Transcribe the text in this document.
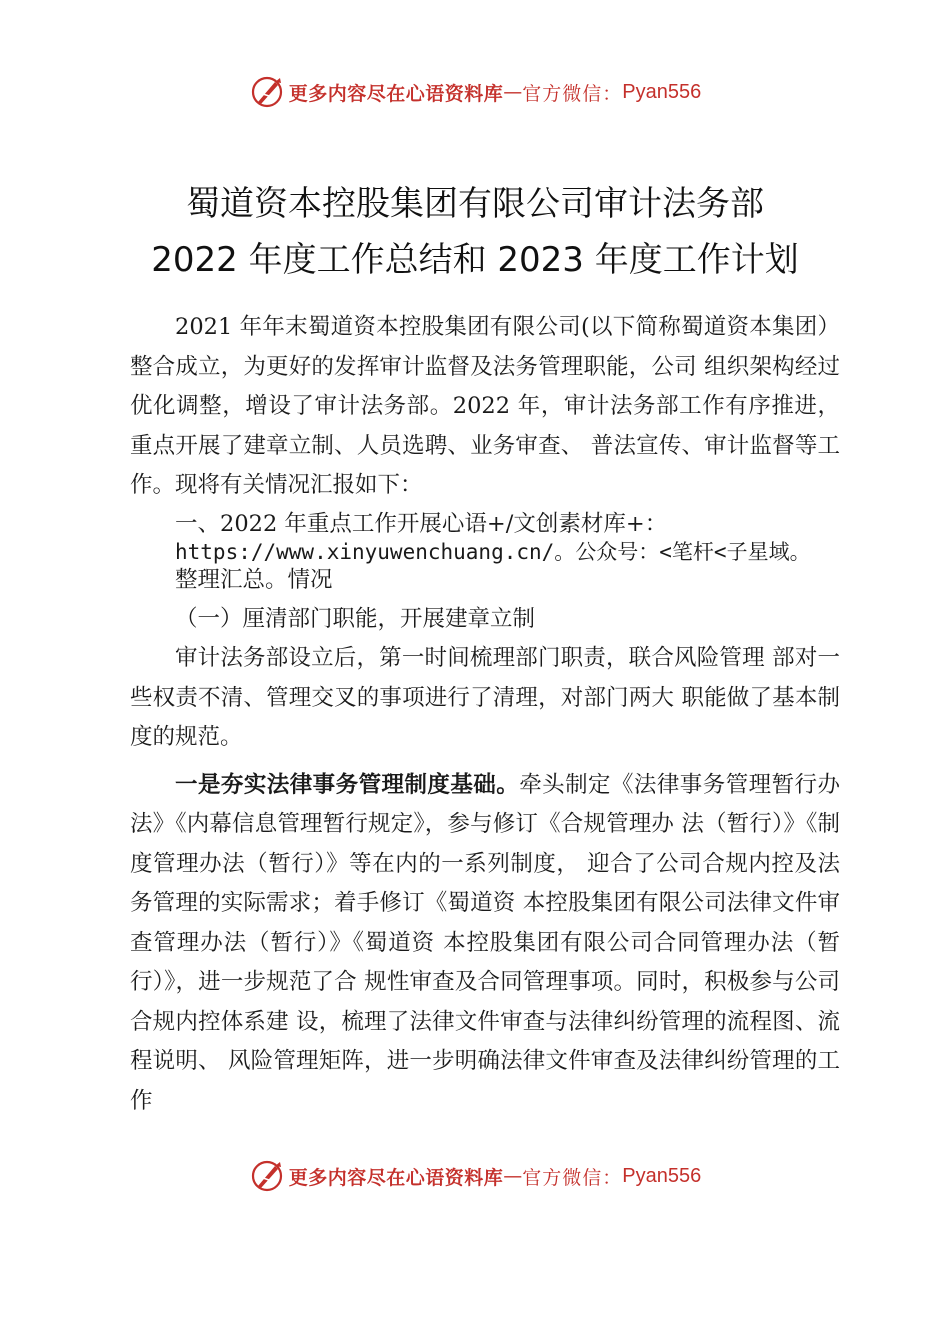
更多内容尽在心语资料库 — 官方微信： Pyan556
蜀道资本控股集团有限公司审计法务部
2022 年度工作总结和 2023 年度工作计划

2021 年年末蜀道资本控股集团有限公司(以下简称蜀道资本集团）整合成立，为更好的发挥审计监督及法务管理职能，公司 组织架构经过优化调整，增设了审计法务部。2022 年，审计法务部工作有序推进，重点开展了建章立制、人员选聘、业务审查、 普法宣传、审计监督等工作。现将有关情况汇报如下：

一、2022 年重点工作开展心语+/文创素材库+：
https://www.xinyuwenchuang.cn/。公众号：<笔杆<子星域。
整理汇总。情况

（一）厘清部门职能，开展建章立制

审计法务部设立后，第一时间梳理部门职责，联合风险管理 部对一些权责不清、管理交叉的事项进行了清理，对部门两大 职能做了基本制度的规范。

一是夯实法律事务管理制度基础。牵头制定《法律事务管理暂行办法》《内幕信息管理暂行规定》，参与修订《合规管理办 法（暂行）》《制度管理办法（暂行）》等在内的一系列制度， 迎合了公司合规内控及法务管理的实际需求；着手修订《蜀道资 本控股集团有限公司法律文件审查管理办法（暂行）》《蜀道资 本控股集团有限公司合同管理办法（暂行）》，进一步规范了合 规性审查及合同管理事项。同时，积极参与公司合规内控体系建 设，梳理了法律文件审查与法律纠纷管理的流程图、流程说明、 风险管理矩阵，进一步明确法律文件审查及法律纠纷管理的工作

更多内容尽在心语资料库 — 官方微信： Pyan556
